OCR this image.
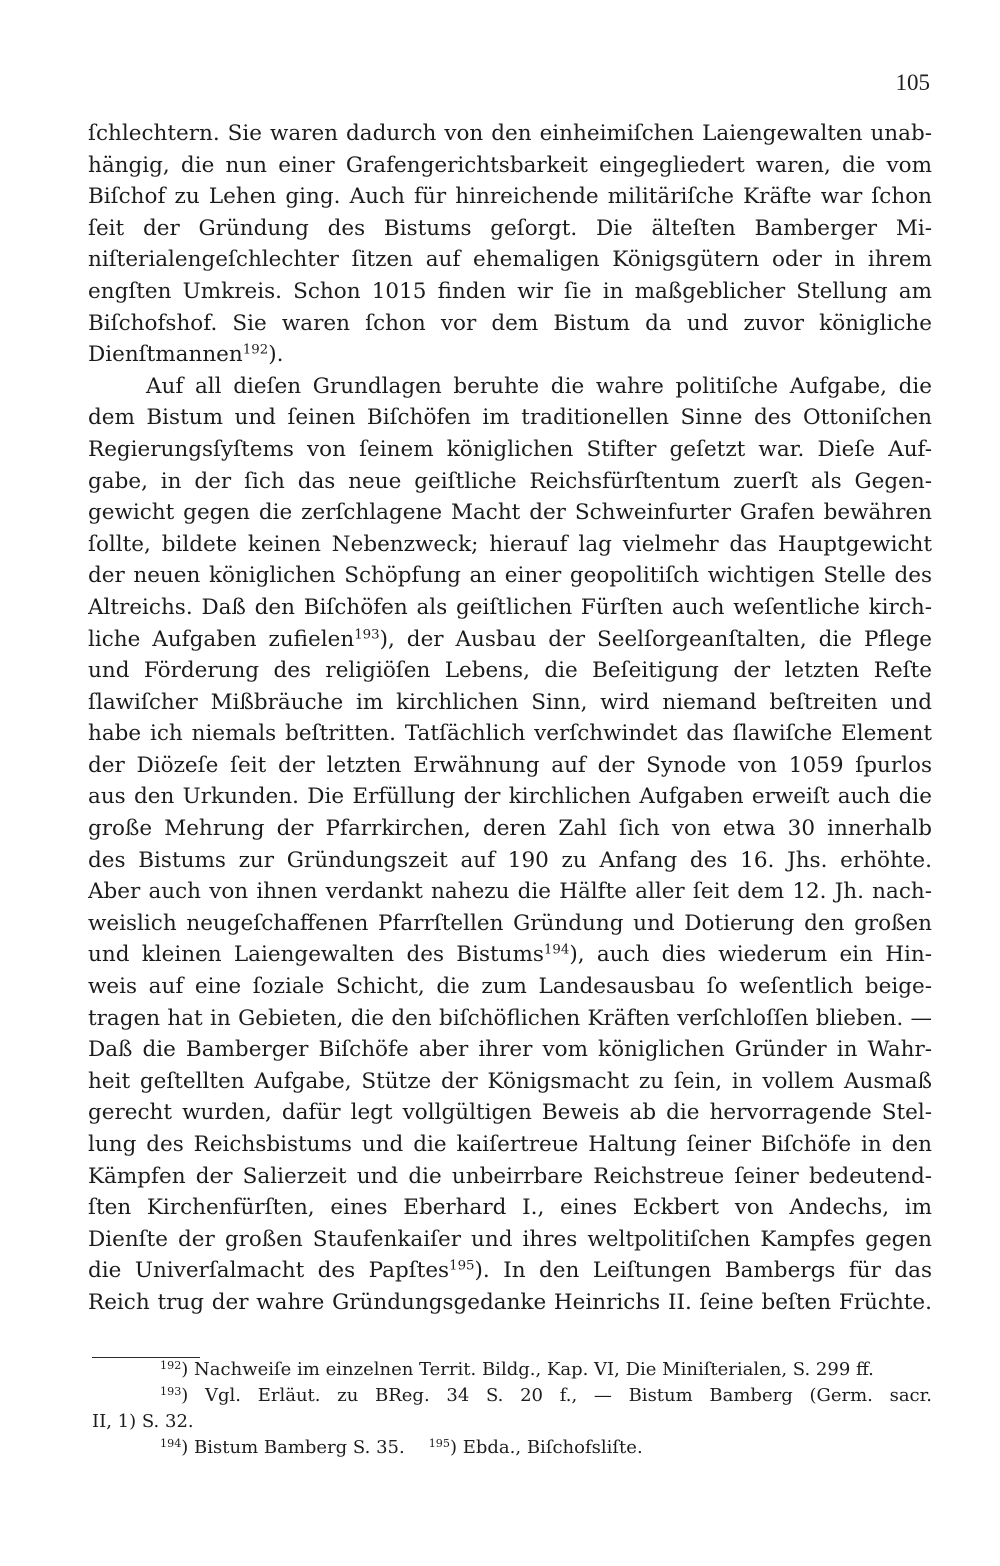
105
ſchlechtern. Sie waren dadurch von den einheimiſchen Laiengewalten unab-
hängig, die nun einer Grafengerichtsbarkeit eingegliedert waren, die vom
Biſchof zu Lehen ging. Auch für hinreichende militäriſche Kräfte war ſchon
ſeit der Gründung des Bistums geſorgt. Die älteſten Bamberger Mi-
niſterialengeſchlechter ſitzen auf ehemaligen Königsgütern oder in ihrem
engſten Umkreis. Schon 1015 finden wir ſie in maßgeblicher Stellung am
Biſchofshof. Sie waren ſchon vor dem Bistum da und zuvor königliche
Dienſtmannen$^{192}$).
Auf all dieſen Grundlagen beruhte die wahre politiſche Aufgabe, die
dem Bistum und ſeinen Biſchöfen im traditionellen Sinne des Ottoniſchen
Regierungsſyſtems von ſeinem königlichen Stifter geſetzt war. Dieſe Auf-
gabe, in der ſich das neue geiſtliche Reichsfürſtentum zuerſt als Gegen-
gewicht gegen die zerſchlagene Macht der Schweinfurter Grafen bewähren
ſollte, bildete keinen Nebenzweck; hierauf lag vielmehr das Hauptgewicht
der neuen königlichen Schöpfung an einer geopolitiſch wichtigen Stelle des
Altreichs. Daß den Biſchöfen als geiſtlichen Fürſten auch weſentliche kirch-
liche Aufgaben zufielen$^{193}$), der Ausbau der Seelſorgeanſtalten, die Pflege
und Förderung des religiöſen Lebens, die Beſeitigung der letzten Reſte
ſlawiſcher Mißbräuche im kirchlichen Sinn, wird niemand beſtreiten und
habe ich niemals beſtritten. Tatſächlich verſchwindet das ſlawiſche Element
der Diözeſe ſeit der letzten Erwähnung auf der Synode von 1059 ſpurlos
aus den Urkunden. Die Erfüllung der kirchlichen Aufgaben erweiſt auch die
große Mehrung der Pfarrkirchen, deren Zahl ſich von etwa 30 innerhalb
des Bistums zur Gründungszeit auf 190 zu Anfang des 16. Jhs. erhöhte.
Aber auch von ihnen verdankt nahezu die Hälfte aller ſeit dem 12. Jh. nach-
weislich neugeſchaffenen Pfarrſtellen Gründung und Dotierung den großen
und kleinen Laiengewalten des Bistums$^{194}$), auch dies wiederum ein Hin-
weis auf eine ſoziale Schicht, die zum Landesausbau ſo weſentlich beige-
tragen hat in Gebieten, die den biſchöflichen Kräften verſchloſſen blieben. —
Daß die Bamberger Biſchöfe aber ihrer vom königlichen Gründer in Wahr-
heit geſtellten Aufgabe, Stütze der Königsmacht zu ſein, in vollem Ausmaß
gerecht wurden, dafür legt vollgültigen Beweis ab die hervorragende Stel-
lung des Reichsbistums und die kaiſertreue Haltung ſeiner Biſchöfe in den
Kämpfen der Salierzeit und die unbeirrbare Reichstreue ſeiner bedeutend-
ſten Kirchenfürſten, eines Eberhard I., eines Eckbert von Andechs, im
Dienſte der großen Staufenkaiſer und ihres weltpolitiſchen Kampfes gegen
die Univerſalmacht des Papſtes$^{195}$). In den Leiſtungen Bambergs für das
Reich trug der wahre Gründungsgedanke Heinrichs II. ſeine beſten Früchte.
$^{192}$) Nachweiſe im einzelnen Territ. Bildg., Kap. VI, Die Miniſterialen, S. 299 ff.
$^{193}$) Vgl. Erläut. zu BReg. 34 S. 20 f., — Bistum Bamberg (Germ. sacr.
II, 1) S. 32.
$^{194}$) Bistum Bamberg S. 35. $^{195}$) Ebda., Biſchofsliſte.
